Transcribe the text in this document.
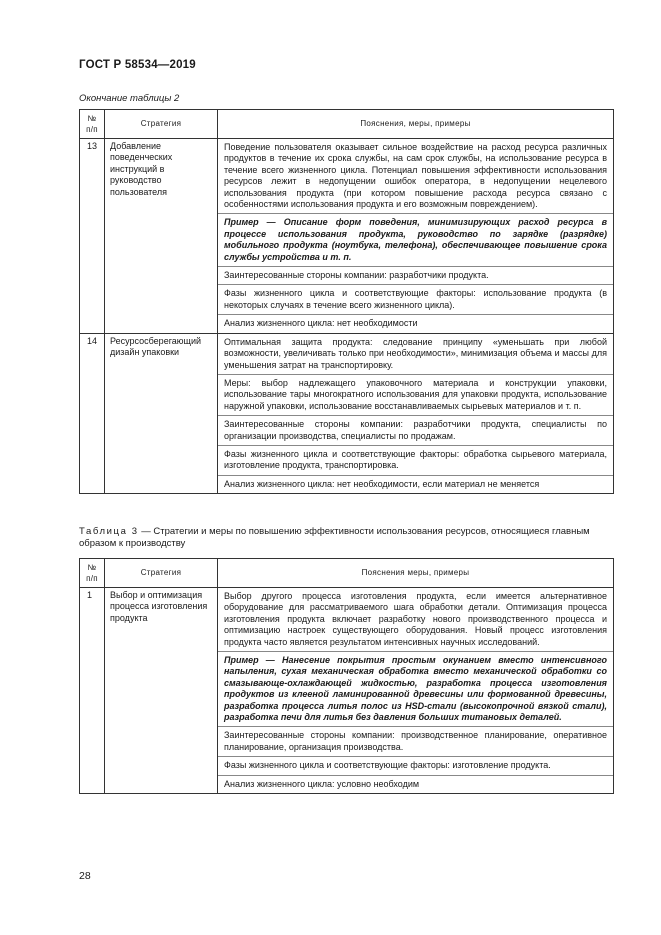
ГОСТ Р 58534—2019
Окончание таблицы 2
№ п/п	Стратегия	Пояснения, меры, примеры
13	Добавление поведенческих инструкций в руководство пользователя	Поведение пользователя оказывает сильное воздействие на расход ресурса различных продуктов в течение их срока службы, на сам срок службы, на использование ресурса в течение всего жизненного цикла. Потенциал повышения эффективности использования ресурсов лежит в недопущении ошибок оператора, в недопущении нецелевого использования продукта (при котором повышение расхода ресурса связано с особенностями использования продукта и его возможным повреждением).
Пример — Описание форм поведения, минимизирующих расход ресурса в процессе использования продукта, руководство по зарядке (разрядке) мобильного продукта (ноутбука, телефона), обеспечивающее повышение срока службы устройства и т. п.
Заинтересованные стороны компании: разработчики продукта.
Фазы жизненного цикла и соответствующие факторы: использование продукта (в некоторых случаях в течение всего жизненного цикла).
Анализ жизненного цикла: нет необходимости

14	Ресурсосберегающий дизайн упаковки	Оптимальная защита продукта: следование принципу «уменьшать при любой возможности, увеличивать только при необходимости», минимизация объема и массы для уменьшения затрат на транспортировку.
Меры: выбор надлежащего упаковочного материала и конструкции упаковки, использование тары многократного использования для упаковки продукта, использование наружной упаковки, использование восстанавливаемых сырьевых материалов и т. п.
Заинтересованные стороны компании: разработчики продукта, специалисты по организации производства, специалисты по продажам.
Фазы жизненного цикла и соответствующие факторы: обработка сырьевого материала, изготовление продукта, транспортировка.
Анализ жизненного цикла: нет необходимости, если материал не меняется
Таблица 3 — Стратегии и меры по повышению эффективности использования ресурсов, относящиеся главным образом к производству
№ п/п	Стратегия	Пояснения меры, примеры
1	Выбор и оптимизация процесса изготовления продукта	Выбор другого процесса изготовления продукта, если имеется альтернативное оборудование для рассматриваемого шага обработки детали. Оптимизация процесса изготовления продукта включает разработку нового производственного процесса и оптимизацию настроек существующего оборудования. Новый процесс изготовления продукта часто является результатом интенсивных научных исследований.
Пример — Нанесение покрытия простым окунанием вместо интенсивного напыления, сухая механическая обработка вместо механической обработки со смазывающе-охлаждающей жидкостью, разработка процесса изготовления продуктов из клееной ламинированной древесины или формованной древесины, разработка процесса литья полос из HSD-стали (высокопрочной вязкой стали), разработка печи для литья без давления больших титановых деталей.
Заинтересованные стороны компании: производственное планирование, оперативное планирование, организация производства.
Фазы жизненного цикла и соответствующие факторы: изготовление продукта.
Анализ жизненного цикла: условно необходим
28
